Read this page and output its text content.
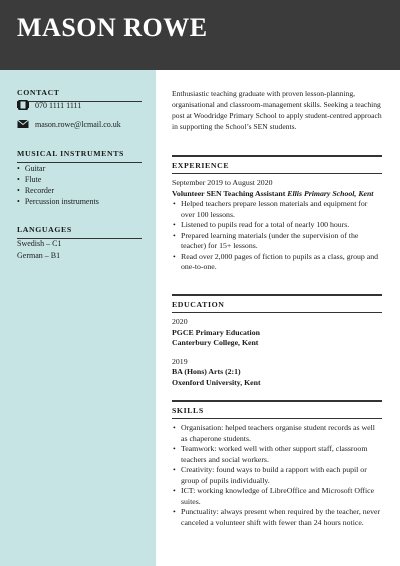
MASON ROWE
CONTACT
070 1111 1111
mason.rowe@lcmail.co.uk
MUSICAL INSTRUMENTS
• Guitar
• Flute
• Recorder
• Percussion instruments
LANGUAGES
Swedish – C1
German – B1
Enthusiastic teaching graduate with proven lesson-planning, organisational and classroom-management skills. Seeking a teaching post at Woodridge Primary School to apply student-centred approach in supporting the School’s SEN students.
EXPERIENCE
September 2019 to August 2020
Volunteer SEN Teaching Assistant Ellis Primary School, Kent
• Helped teachers prepare lesson materials and equipment for over 100 lessons.
• Listened to pupils read for a total of nearly 100 hours.
• Prepared learning materials (under the supervision of the teacher) for 15+ lessons.
• Read over 2,000 pages of fiction to pupils as a class, group and one-to-one.
EDUCATION
2020
PGCE Primary Education
Canterbury College, Kent
2019
BA (Hons) Arts (2:1)
Oxenford University, Kent
SKILLS
• Organisation: helped teachers organise student records as well as chaperone students.
• Teamwork: worked well with other support staff, classroom teachers and social workers.
• Creativity: found ways to build a rapport with each pupil or group of pupils individually.
• ICT: working knowledge of LibreOffice and Microsoft Office suites.
• Punctuality: always present when required by the teacher, never canceled a volunteer shift with fewer than 24 hours notice.
